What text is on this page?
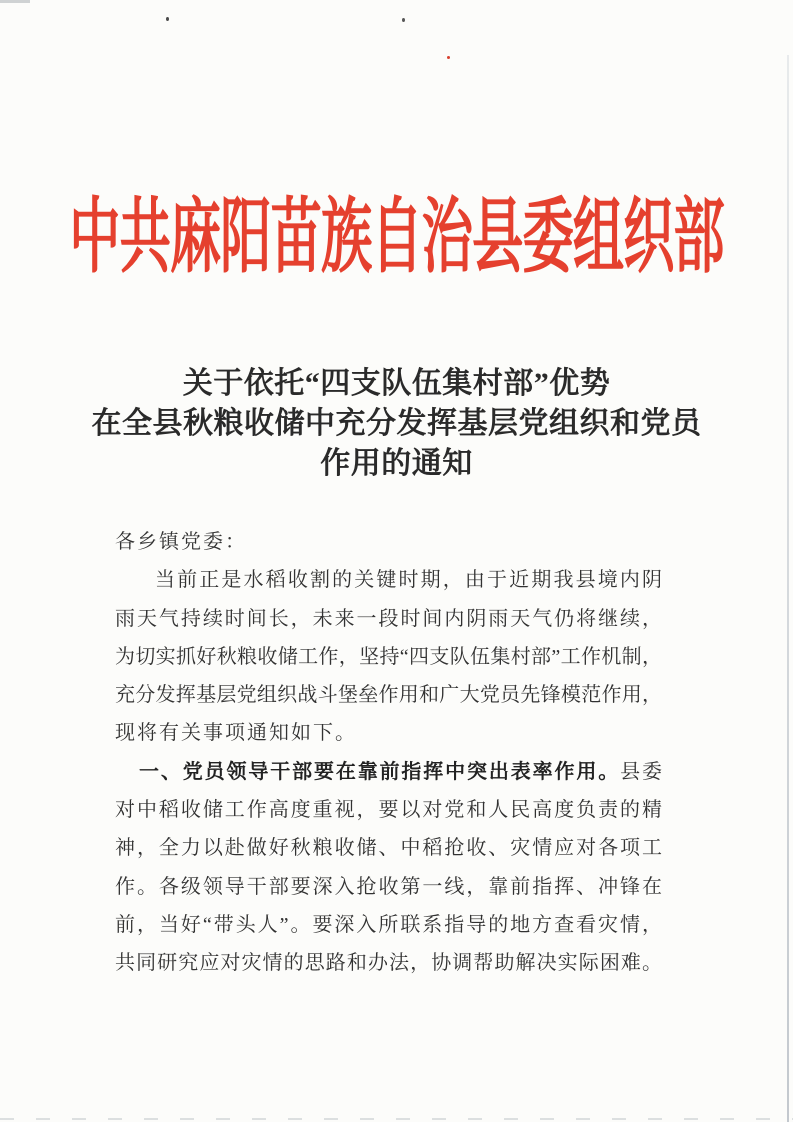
中共麻阳苗族自治县委组织部
关于依托“四支队伍集村部”优势
在全县秋粮收储中充分发挥基层党组织和党员
作用的通知
各乡镇党委：
当前正是水稻收割的关键时期，由于近期我县境内阴
雨天气持续时间长，未来一段时间内阴雨天气仍将继续，
为切实抓好秋粮收储工作，坚持“四支队伍集村部”工作机制，
充分发挥基层党组织战斗堡垒作用和广大党员先锋模范作用，
现将有关事项通知如下。
一、党员领导干部要在靠前指挥中突出表率作用。县委
对中稻收储工作高度重视，要以对党和人民高度负责的精
神，全力以赴做好秋粮收储、中稻抢收、灾情应对各项工
作。各级领导干部要深入抢收第一线，靠前指挥、冲锋在
前，当好“带头人”。要深入所联系指导的地方查看灾情，
共同研究应对灾情的思路和办法，协调帮助解决实际困难。
